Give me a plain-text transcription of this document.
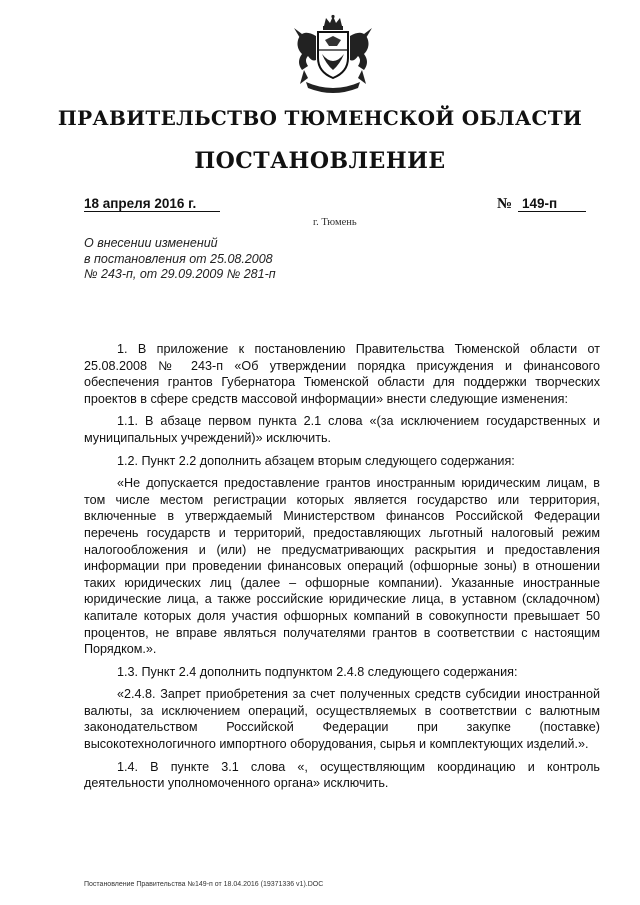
ПРАВИТЕЛЬСТВО ТЮМЕНСКОЙ ОБЛАСТИ
ПОСТАНОВЛЕНИЕ
18 апреля 2016 г.	№ 149-п
г. Тюмень
О внесении изменений
в постановления от 25.08.2008
№ 243-п, от 29.09.2009 № 281-п

1. В приложение к постановлению Правительства Тюменской области от 25.08.2008 № 243-п «Об утверждении порядка присуждения и финансового обеспечения грантов Губернатора Тюменской области для поддержки творческих проектов в сфере средств массовой информации» внести следующие изменения:

1.1. В абзаце первом пункта 2.1 слова «(за исключением государственных и муниципальных учреждений)» исключить.

1.2. Пункт 2.2 дополнить абзацем вторым следующего содержания:

«Не допускается предоставление грантов иностранным юридическим лицам, в том числе местом регистрации которых является государство или территория, включенные в утверждаемый Министерством финансов Российской Федерации перечень государств и территорий, предоставляющих льготный налоговый режим налогообложения и (или) не предусматривающих раскрытия и предоставления информации при проведении финансовых операций (офшорные зоны) в отношении таких юридических лиц (далее – офшорные компании). Указанные иностранные юридические лица, а также российские юридические лица, в уставном (складочном) капитале которых доля участия офшорных компаний в совокупности превышает 50 процентов, не вправе являться получателями грантов в соответствии с настоящим Порядком.».

1.3. Пункт 2.4 дополнить подпунктом 2.4.8 следующего содержания:

«2.4.8. Запрет приобретения за счет полученных средств субсидии иностранной валюты, за исключением операций, осуществляемых в соответствии с валютным законодательством Российской Федерации при закупке (поставке) высокотехнологичного импортного оборудования, сырья и комплектующих изделий.».

1.4. В пункте 3.1 слова «, осуществляющим координацию и контроль деятельности уполномоченного органа» исключить.

Постановление Правительства №149-п от 18.04.2016 (19371336 v1).DOC
